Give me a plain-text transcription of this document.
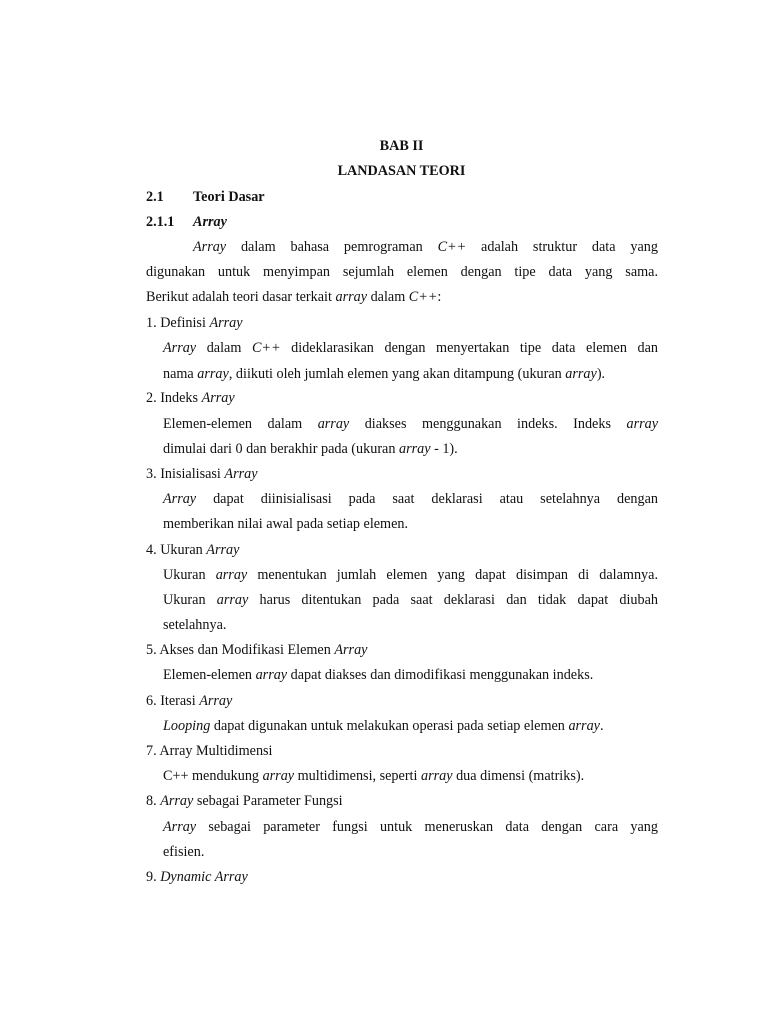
BAB II
LANDASAN TEORI
2.1 Teori Dasar
2.1.1 Array
Array dalam bahasa pemrograman C++ adalah struktur data yang
digunakan untuk menyimpan sejumlah elemen dengan tipe data yang sama.
Berikut adalah teori dasar terkait array dalam C++:
1. Definisi Array
Array dalam C++ dideklarasikan dengan menyertakan tipe data elemen dan
nama array, diikuti oleh jumlah elemen yang akan ditampung (ukuran array).
2. Indeks Array
Elemen-elemen dalam array diakses menggunakan indeks. Indeks array
dimulai dari 0 dan berakhir pada (ukuran array - 1).
3. Inisialisasi Array
Array dapat diinisialisasi pada saat deklarasi atau setelahnya dengan
memberikan nilai awal pada setiap elemen.
4. Ukuran Array
Ukuran array menentukan jumlah elemen yang dapat disimpan di dalamnya.
Ukuran array harus ditentukan pada saat deklarasi dan tidak dapat diubah
setelahnya.
5. Akses dan Modifikasi Elemen Array
Elemen-elemen array dapat diakses dan dimodifikasi menggunakan indeks.
6. Iterasi Array
Looping dapat digunakan untuk melakukan operasi pada setiap elemen array.
7. Array Multidimensi
C++ mendukung array multidimensi, seperti array dua dimensi (matriks).
8. Array sebagai Parameter Fungsi
Array sebagai parameter fungsi untuk meneruskan data dengan cara yang
efisien.
9. Dynamic Array
